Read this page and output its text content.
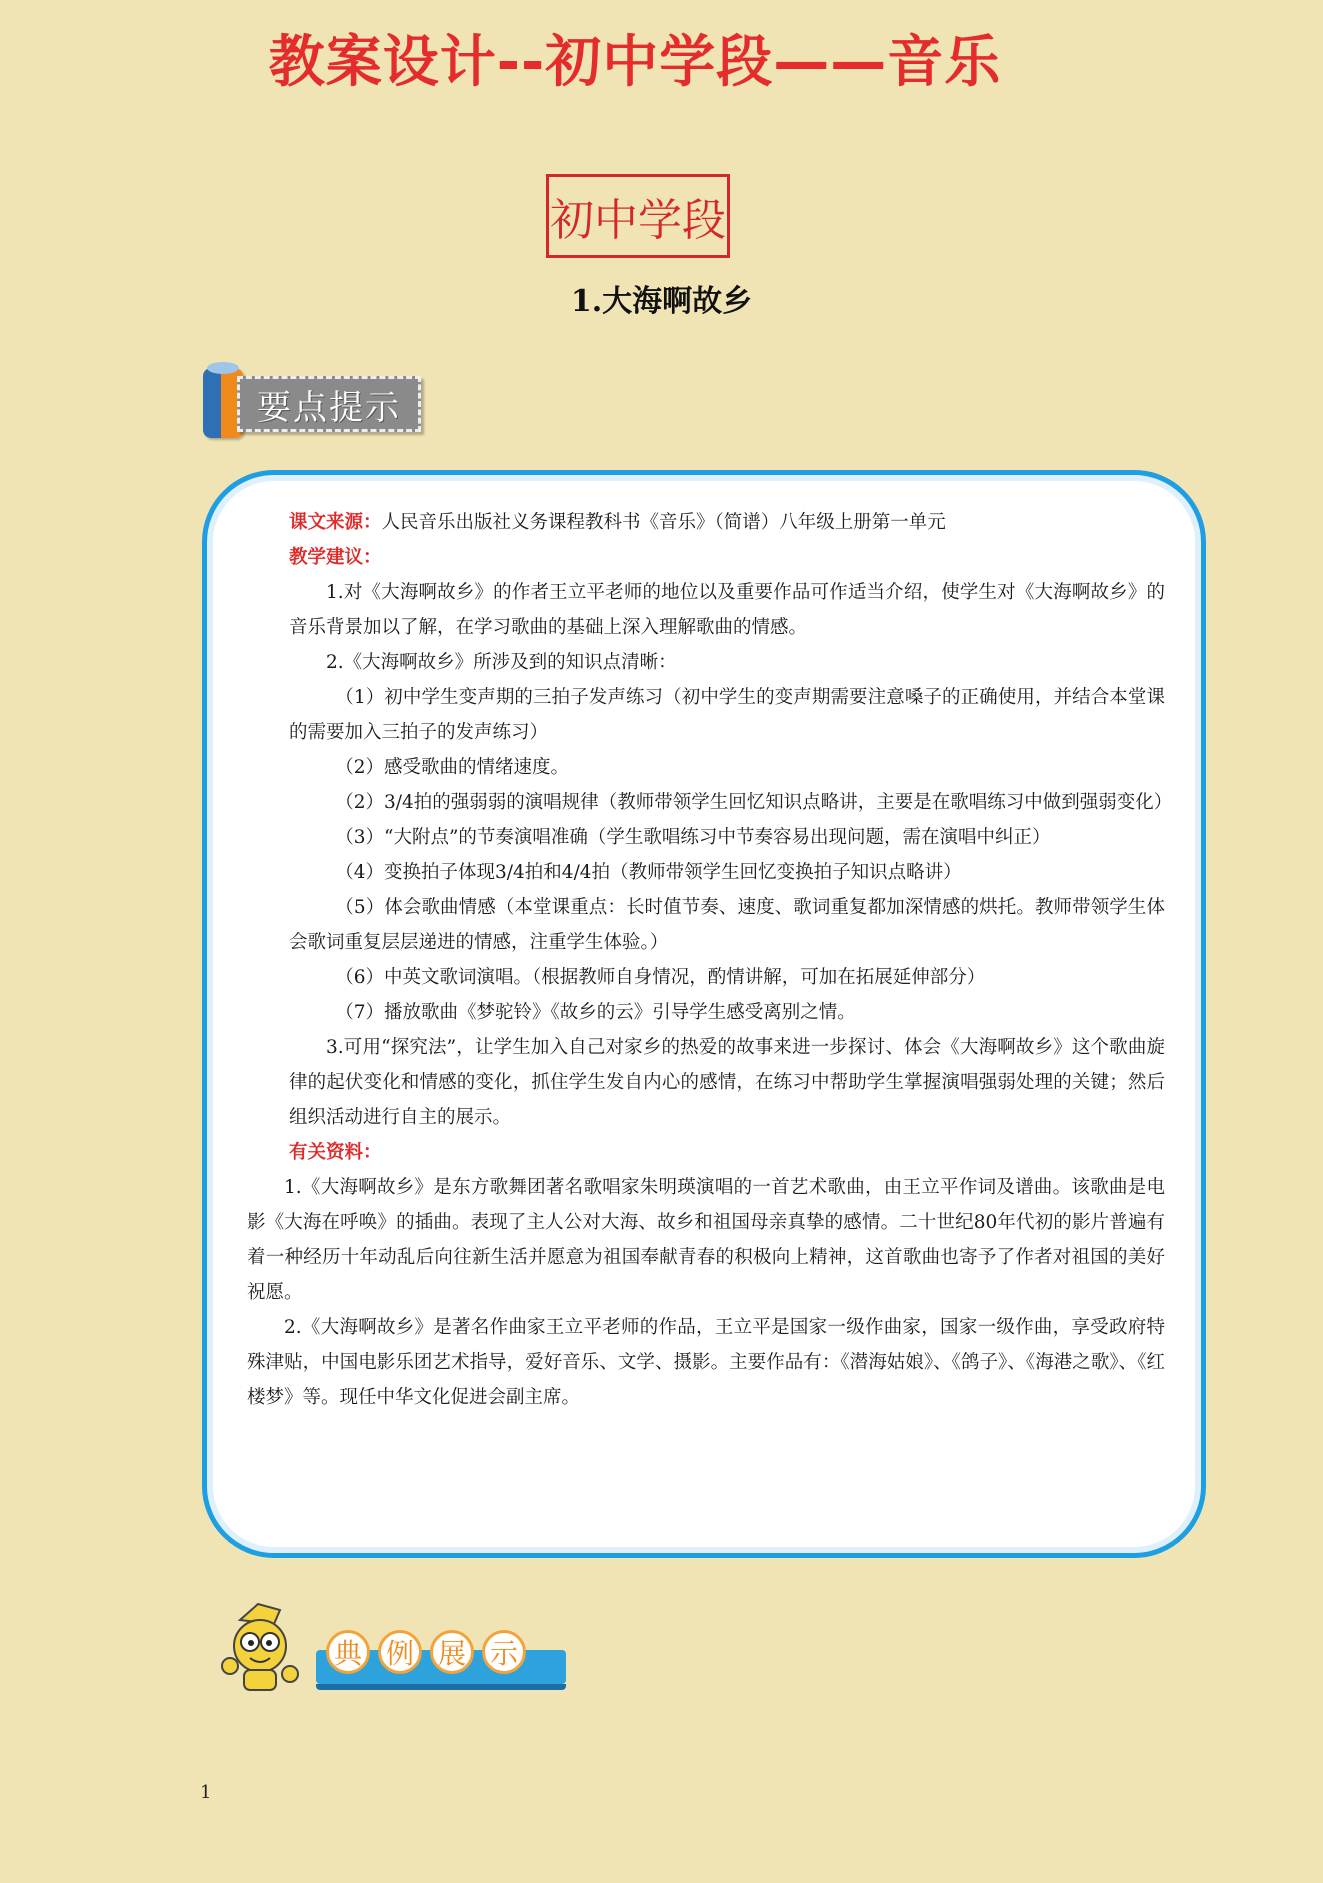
教案设计--初中学段——音乐
初中学段
1.大海啊故乡
要点提示

课文来源：人民音乐出版社义务课程教科书《音乐》（简谱）八年级上册第一单元

教学建议：

1.对《大海啊故乡》的作者王立平老师的地位以及重要作品可作适当介绍，使学生对《大海啊故乡》的音乐背景加以了解，在学习歌曲的基础上深入理解歌曲的情感。

2.《大海啊故乡》所涉及到的知识点清晰：

（1）初中学生变声期的三拍子发声练习（初中学生的变声期需要注意嗓子的正确使用，并结合本堂课的需要加入三拍子的发声练习）

（2）感受歌曲的情绪速度。

（2）3/4拍的强弱弱的演唱规律（教师带领学生回忆知识点略讲，主要是在歌唱练习中做到强弱变化）

（3）“大附点”的节奏演唱准确（学生歌唱练习中节奏容易出现问题，需在演唱中纠正）

（4）变换拍子体现3/4拍和4/4拍（教师带领学生回忆变换拍子知识点略讲）

（5）体会歌曲情感（本堂课重点：长时值节奏、速度、歌词重复都加深情感的烘托。教师带领学生体会歌词重复层层递进的情感，注重学生体验。）

（6）中英文歌词演唱。（根据教师自身情况，酌情讲解，可加在拓展延伸部分）

（7）播放歌曲《梦驼铃》《故乡的云》引导学生感受离别之情。

3.可用“探究法”，让学生加入自己对家乡的热爱的故事来进一步探讨、体会《大海啊故乡》这个歌曲旋律的起伏变化和情感的变化，抓住学生发自内心的感情，在练习中帮助学生掌握演唱强弱处理的关键；然后组织活动进行自主的展示。

有关资料：

1.《大海啊故乡》是东方歌舞团著名歌唱家朱明瑛演唱的一首艺术歌曲，由王立平作词及谱曲。该歌曲是电影《大海在呼唤》的插曲。表现了主人公对大海、故乡和祖国母亲真挚的感情。二十世纪80年代初的影片普遍有着一种经历十年动乱后向往新生活并愿意为祖国奉献青春的积极向上精神，这首歌曲也寄予了作者对祖国的美好祝愿。

2.《大海啊故乡》是著名作曲家王立平老师的作品，王立平是国家一级作曲家，国家一级作曲，享受政府特殊津贴，中国电影乐团艺术指导，爱好音乐、文学、摄影。主要作品有：《潜海姑娘》、《鸽子》、《海港之歌》、《红楼梦》等。现任中华文化促进会副主席。

典 例 展 示
1
